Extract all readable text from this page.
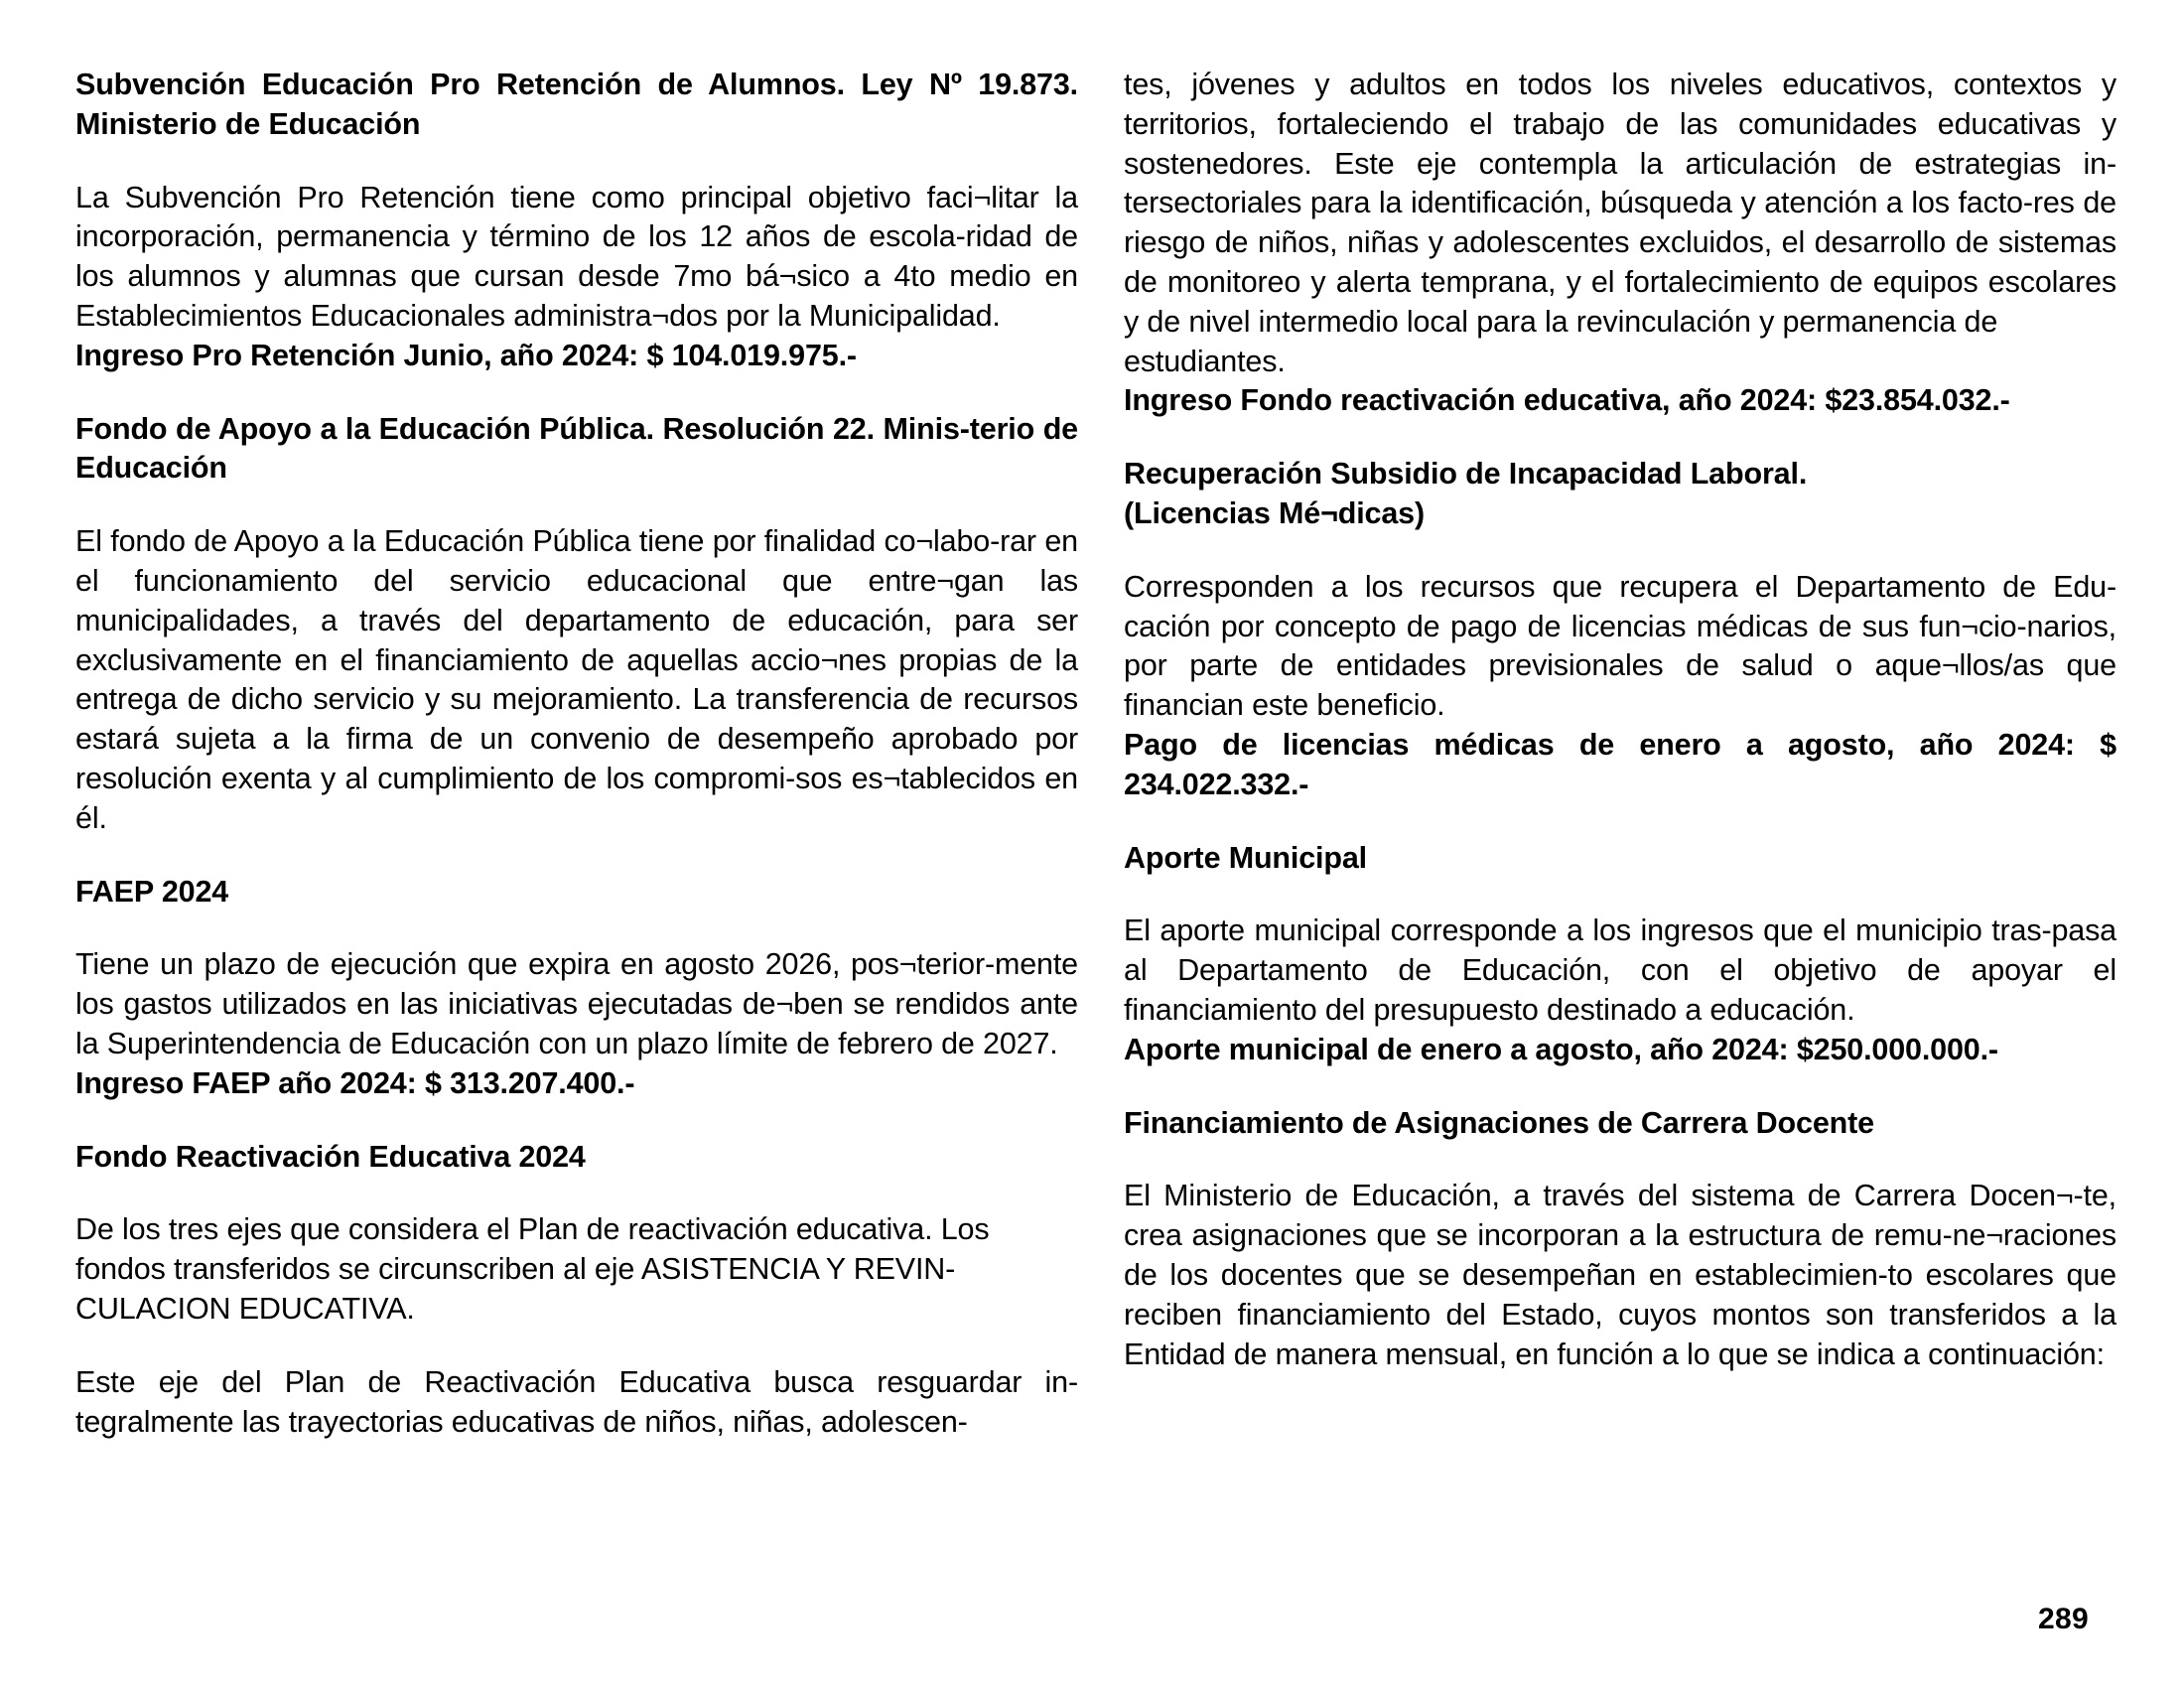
Subvención Educación Pro Retención de Alumnos. Ley Nº 19.873. Ministerio de Educación

La Subvención Pro Retención tiene como principal objetivo faci¬litar la incorporación, permanencia y término de los 12 años de escola-ridad de los alumnos y alumnas que cursan desde 7mo bá¬sico a 4to medio en Establecimientos Educacionales administra¬dos por la Municipalidad.

Ingreso Pro Retención Junio, año 2024: $ 104.019.975.-

Fondo de Apoyo a la Educación Pública. Resolución 22. Minis-terio de Educación

El fondo de Apoyo a la Educación Pública tiene por finalidad co¬labo-rar en el funcionamiento del servicio educacional que entre¬gan las municipalidades, a través del departamento de educación, para ser exclusivamente en el financiamiento de aquellas accio¬nes propias de la entrega de dicho servicio y su mejoramiento. La transferencia de recursos estará sujeta a la firma de un convenio de desempeño aprobado por resolución exenta y al cumplimiento de los compromi-sos es¬tablecidos en él.

FAEP 2024

Tiene un plazo de ejecución que expira en agosto 2026, pos¬terior-mente los gastos utilizados en las iniciativas ejecutadas de¬ben se rendidos ante la Superintendencia de Educación con un plazo límite de febrero de 2027.

Ingreso FAEP año 2024: $ 313.207.400.-

Fondo Reactivación Educativa 2024

De los tres ejes que considera el Plan de reactivación educativa. Los fondos transferidos se circunscriben al eje ASISTENCIA Y REVIN-CULACION EDUCATIVA.

Este eje del Plan de Reactivación Educativa busca resguardar in-tegralmente las trayectorias educativas de niños, niñas, adolescen-

tes, jóvenes y adultos en todos los niveles educativos, contextos y territorios, fortaleciendo el trabajo de las comunidades educativas y sostenedores. Este eje contempla la articulación de estrategias in-tersectoriales para la identificación, búsqueda y atención a los facto-res de riesgo de niños, niñas y adolescentes excluidos, el desarrollo de sistemas de monitoreo y alerta temprana, y el fortalecimiento de equipos escolares y de nivel intermedio local para la revinculación y permanencia de

estudiantes.

Ingreso Fondo reactivación educativa, año 2024: $23.854.032.-

Recuperación Subsidio de Incapacidad Laboral.

(Licencias Mé¬dicas)

Corresponden a los recursos que recupera el Departamento de Edu-cación por concepto de pago de licencias médicas de sus fun¬cio-narios, por parte de entidades previsionales de salud o aque¬llos/as que financian este beneficio.

Pago de licencias médicas de enero a agosto, año 2024: $ 234.022.332.-

Aporte Municipal

El aporte municipal corresponde a los ingresos que el municipio tras-pasa al Departamento de Educación, con el objetivo de apoyar el financiamiento del presupuesto destinado a educación.

Aporte municipal de enero a agosto, año 2024: $250.000.000.-

Financiamiento de Asignaciones de Carrera Docente

El Ministerio de Educación, a través del sistema de Carrera Docen¬-te, crea asignaciones que se incorporan a la estructura de remu-ne¬raciones de los docentes que se desempeñan en establecimien-to escolares que reciben financiamiento del Estado, cuyos montos son transferidos a la Entidad de manera mensual, en función a lo que se indica a continuación:

289
